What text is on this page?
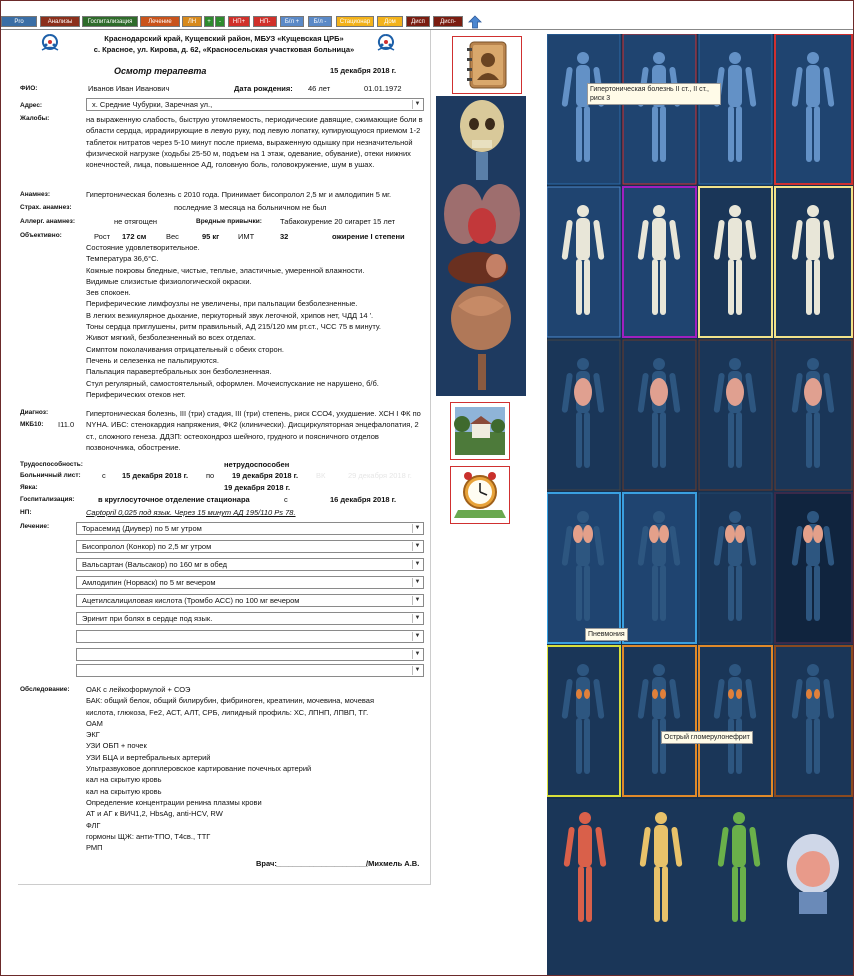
Pro	Анализы	Госпитализация	Лечение	ЛН	+	-	НП+	НП-	Б/л +	Б/л -	Стационар	Дом	Дисп	Дисп-
Краснодарский край, Кущевский район, МБУЗ «Кущевская ЦРБ»
с. Красное, ул. Кирова, д. 62, «Красносельская участковая больница»
Осмотр терапевта	15 декабря 2018 г.
ФИО:	Иванов Иван Иванович	Дата рождения: 46 лет	01.01.1972
Адрес:	х. Средние Чубурки, Заречная ул.,	▼
Жалобы:	на выраженную слабость, быструю утомляемость, периодические давящие, сжимающие боли в области сердца, иррадиирующие в левую руку, под левую лопатку, купирующуюся приемом 1-2 таблеток нитратов через 5-10 минут после приема, выраженную одышку при незначительной физической нагрузке (ходьбы 25-50 м, подъем на 1 этаж, одевание, обувание), отеки нижних конечностей, лица, повышенное АД, головную боль, головокружение, шум в ушах.
Анамнез:	Гипертоническая болезнь с 2010 года. Принимает бисопролол 2,5 мг и амлодипин 5 мг.
Страх. анамнез:	последние 3 месяца на больничном не был
Аллерг. анамнез:	не отягощен	Вредные привычки: Табакокурение 20 сигарет 15 лет
Объективно:	Рост 172 см	Вес	95 кг ИМТ	32	ожирение I степени
Состояние удовлетворительное.
Температура 36,6°С.
Кожные покровы бледные, чистые, теплые, эластичные, умеренной влажности.
Видимые слизистые физиологической окраски.
Зев спокоен.
Периферические лимфоузлы не увеличены, при пальпации безболезненные.
В легких везикулярное дыхание, перкуторный звук легочной, хрипов нет, ЧДД 14 '.
Тоны сердца приглушены, ритм правильный, АД 215/120 мм рт.ст., ЧСС 75 в минуту.
Живот мягкий, безболезненный во всех отделах.
Симптом поколачивания отрицательный с обеих сторон.
Печень и селезенка не пальпируются.
Пальпация паравертебральных зон безболезненная.
Стул регулярный, самостоятельный, оформлен. Мочеиспускание не нарушено, б/б.
Периферических отеков нет.
Диагноз:
МКБ10: I11.0
Гипертоническая болезнь, III (три) стадия, III (три) степень, риск ССО4, ухудшение. ХСН I ФК по NYHA. ИБС: стенокардия напряжения, ФК2 (клинически). Дисциркуляторная энцефалопатия, 2 ст., сложного генеза. ДДЗП: остеохондроз шейного, грудного и поясничного отделов позвоночника, обострение.
Трудоспособность:	нетрудоспособен
Больничный лист:	с 15 декабря 2018 г. по 19 декабря 2018 г. ВК	29 декабря 2018 г.
Явка:	19 декабря 2018 г.
Госпитализация:	в круглосуточное отделение стационара	с	16 декабря 2018 г.
НП:	Captopril 0,025 под язык. Через 15 минут АД 195/110 Ps 78.
Лечение:	Торасемид (Диувер) по 5 мг утром	▼
Бисопролол (Конкор) по 2,5 мг утром	▼
Вальсартан (Вальсакор) по 160 мг в обед	▼
Амлодипин (Норваск) по 5 мг вечером	▼
Ацетилсалициловая кислота (Тромбо АСС) по 100 мг вечером	▼
Эринит при болях в сердце под язык.	▼
▼
▼
▼
Обследование: ОАК с лейкоформулой + СОЭ
БАК: общий белок, общий билирубин, фибриноген, креатинин, мочевина, мочевая
кислота, глюкоза, Fe2, АСТ, АЛТ, СРБ, липидный профиль: ХС, ЛПНП, ЛПВП, ТГ.
ОАМ
ЭКГ
УЗИ ОБП + почек
УЗИ БЦА и вертебральных артерий
Ультразвуковое допплеровское картирование почечных артерий
кал на скрытую кровь
кал на скрытую кровь
Определение концентрации ренина плазмы крови
АТ и АГ к ВИЧ1,2, HbsAg, anti-HCV, RW
ФЛГ
гормоны ЩЖ: анти-ТПО, Т4св., ТТГ
РМП
Врач: ______________________
/Михмель А.В.
Гипертоническая болезнь II ст., II ст., риск 3
Пневмония
Острый гломерулонефрит
